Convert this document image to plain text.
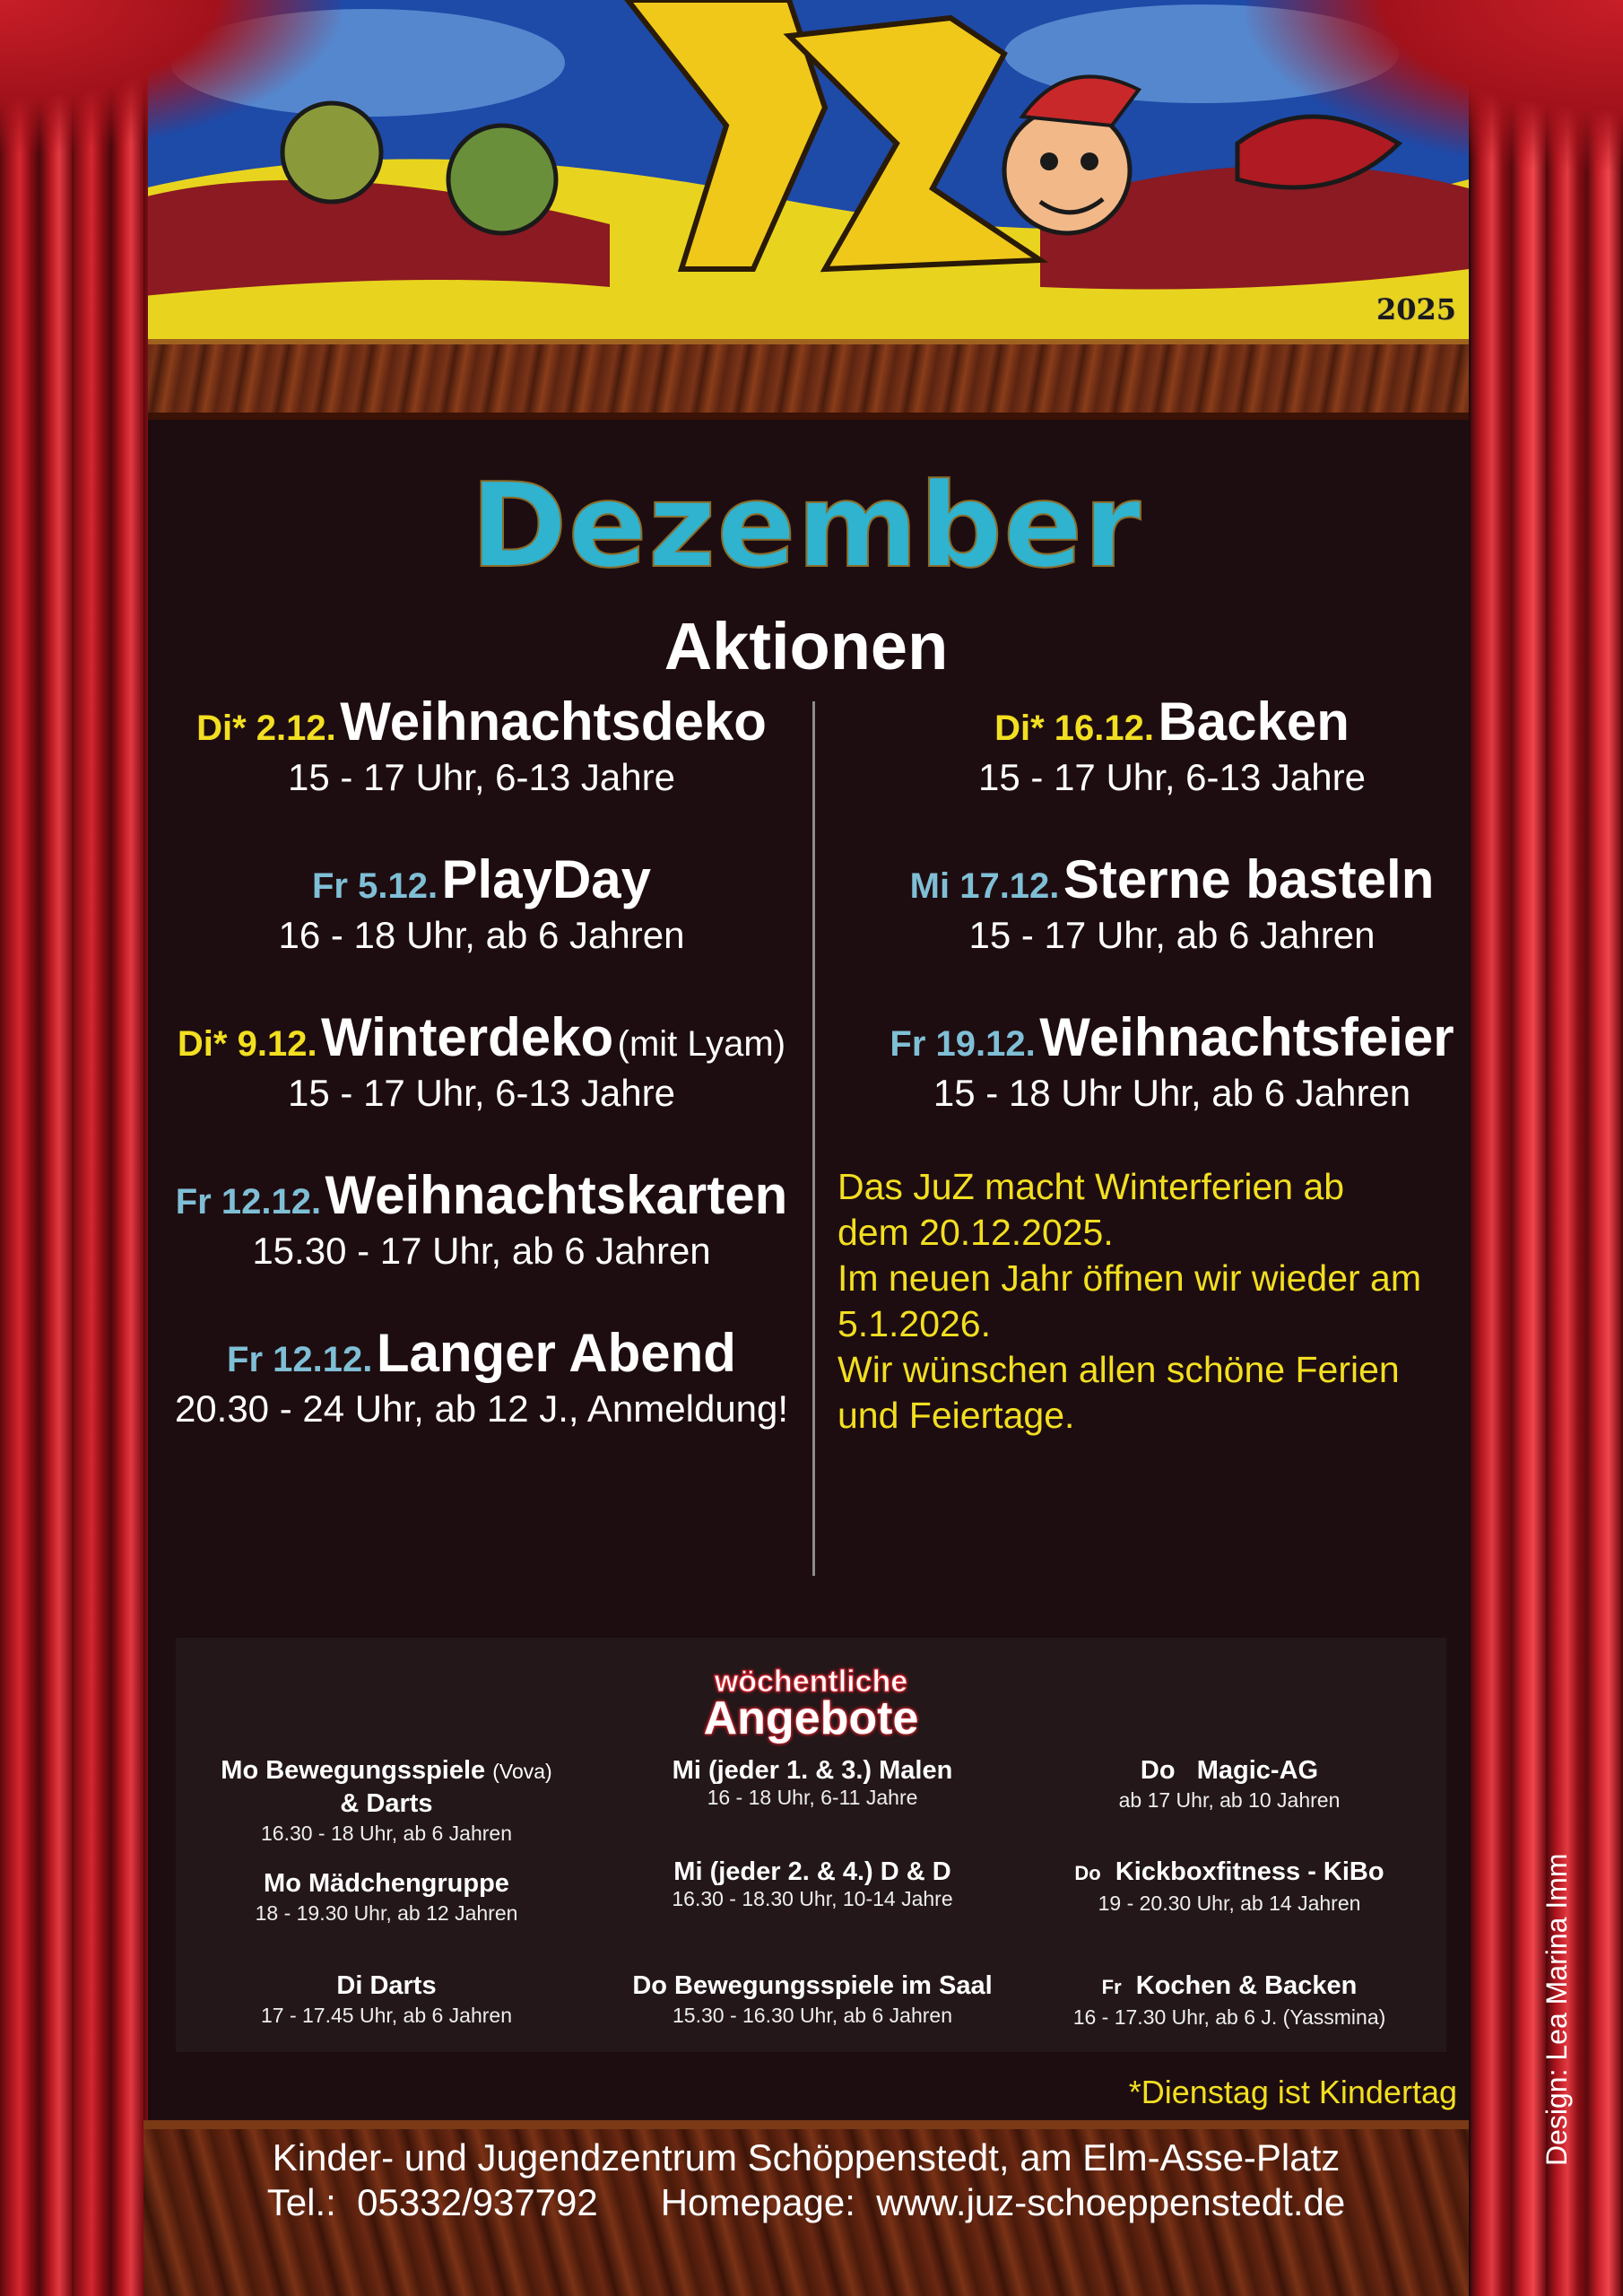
2025
Dezember
Aktionen
Di* 2.12. Weihnachtsdeko
15 - 17 Uhr, 6-13 Jahre
Fr 5.12. PlayDay
16 - 18 Uhr, ab 6 Jahren
Di* 9.12. Winterdeko (mit Lyam)
15 - 17 Uhr, 6-13 Jahre
Fr 12.12. Weihnachtskarten
15.30 - 17 Uhr, ab 6 Jahren
Fr 12.12. Langer Abend
20.30 - 24 Uhr, ab 12 J., Anmeldung!
Di* 16.12. Backen
15 - 17 Uhr, 6-13 Jahre
Mi 17.12. Sterne basteln
15 - 17 Uhr, ab 6 Jahren
Fr 19.12. Weihnachtsfeier
15 - 18 Uhr Uhr, ab 6 Jahren
Das JuZ macht Winterferien ab
dem 20.12.2025.
Im neuen Jahr öffnen wir wieder am
5.1.2026.
Wir wünschen allen schöne Ferien
und Feiertage.
wöchentliche
Angebote
Mo Bewegungsspiele (Vova)
& Darts
16.30 - 18 Uhr, ab 6 Jahren
Mi (jeder 1. & 3.) Malen
16 - 18 Uhr, 6-11 Jahre
Do   Magic-AG
ab 17 Uhr, ab 10 Jahren
Mo Mädchengruppe
18 - 19.30 Uhr, ab 12 Jahren
Mi (jeder 2. & 4.) D & D
16.30 - 18.30 Uhr, 10-14 Jahre
Do Kickboxfitness - KiBo
19 - 20.30 Uhr, ab 14 Jahren
Di Darts
17 - 17.45 Uhr, ab 6 Jahren
Do Bewegungsspiele im Saal
15.30 - 16.30 Uhr, ab 6 Jahren
Fr Kochen & Backen
16 - 17.30 Uhr, ab 6 J. (Yassmina)
*Dienstag ist Kindertag
Kinder- und Jugendzentrum Schöppenstedt, am Elm-Asse-Platz
Tel.:  05332/937792      Homepage:  www.juz-schoeppenstedt.de
Design: Lea Marina Imm
